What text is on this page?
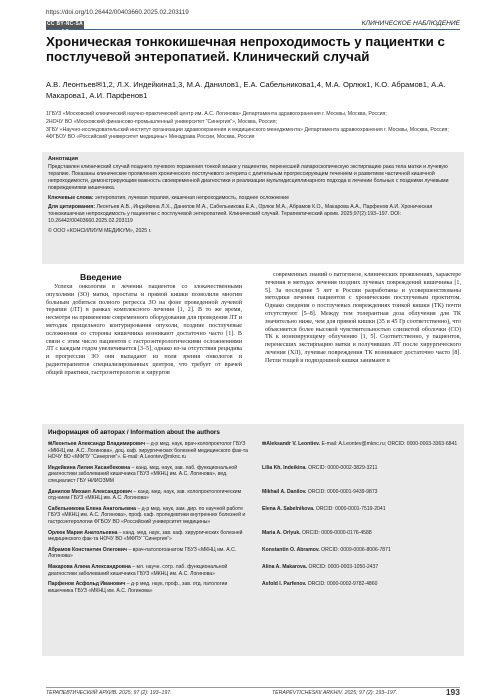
https://doi.org/10.26442/00403660.2025.02.203119
CC BY-NC-SA 4.0
КЛИНИЧЕСКОЕ НАБЛЮДЕНИЕ
Хроническая тонкокишечная непроходимость у пациентки с постлучевой энтеропатией. Клинический случай
А.В. Леонтьев✉1,2, Л.Х. Индейкина1,3, М.А. Данилов1, Е.А. Сабельникова1,4, М.А. Орлюк1, К.О. Абрамов1, А.А. Макарова1, А.И. Парфенов1
1ГБУЗ «Московский клинический научно-практический центр им. А.С. Логинова» Департамента здравоохранения г. Москвы, Москва, Россия;
2НОЧУ ВО «Московский финансово-промышленный университет “Синергия”», Москва, Россия;
3ГБУ «Научно-исследовательский институт организации здравоохранения и медицинского менеджмента» Департамента здравоохранения г. Москвы, Москва, Россия;
4ФГБОУ ВО «Российский университет медицины» Минздрава России, Москва, Россия
Аннотация

Представлен клинический случай позднего лучевого поражения тонкой кишки у пациентки, перенесшей лапароскопическую экстирпацию рака тела матки и лучевую терапию. Показаны клинические проявления хронического постлучевого энтерита с длительным прогрессирующим течением и развитием частичной кишечной непроходимости, демонстрирующим важность своевременной диагностики и реализации мультидисциплинарного подхода в лечении больных с поздними лучевыми повреждениями кишечника.

Ключевые слова: энтеропатия, лучевая терапия, кишечная непроходимость, позднее осложнение

Для цитирования: Леонтьев А.В., Индейкина Л.Х., Данилов М.А., Сабельникова Е.А., Орлюк М.А., Абрамов К.О., Макарова А.А., Парфенов А.И. Хроническая тонкокишечная непроходимость у пациентки с постлучевой энтеропатией. Клинический случай. Терапевтический архив. 2025;97(2):193–197. DOI: 10.26442/00403660.2025.02.203119

© ООО «КОНСИЛИУМ МЕДИКУМ», 2025 г.

Введение

Успехи онкологии в лечении пациентов со злокачественными опухолями (ЗО) матки, простаты и прямой кишки позволили многим больным добиться полного регресса ЗО на фоне проведенной лучевой терапии (ЛТ) в рамках комплексного лечения [1, 2]. В то же время, несмотря на применение современного оборудования для проведения ЛТ и методик прицельного контурирования опухоли, поздние постлучевые осложнения со стороны кишечника возникают достаточно часто [1]. В связи с этим число пациентов с гастроэнтерологическими осложнениями ЛТ с каждым годом увеличивается [3–5], однако из-за отсутствия рецидива и прогрессии ЗО они выпадают из поля зрения онкологов и радиотерапевтов специализированных центров, что требует от врачей общей практики, гастроэнтерологов и хирургов

современных знаний о патогенезе, клинических проявлениях, характере течения и методах лечения поздних лучевых повреждений кишечника [1, 5]. За последние 5 лет в России разработаны и усовершенствованы методики лечения пациентов с хроническим постлучевым проктитом. Однако сведения о постлучевых повреждениях тонкой кишки (ТК) почти отсутствуют [5–8]. Между тем толерантная доза облучения для ТК значительно ниже, чем для прямой кишки (35 и 45 Гр соответственно), что объясняется более высокой чувствительностью слизистой оболочки (СО) ТК к ионизирующему облучению [1, 5]. Соответственно, у пациентов, перенесших экстирпацию матки и получивших ЛТ после хирургического лечения (ХЛ), лучевые повреждения ТК возникают достаточно часто [8]. Петли тощей и подвздошной кишки занимают в

Информация об авторах / Information about the authors
✉Леонтьев Александр Владимирович – д-р мед. наук, врач-колопроктолог ГБУЗ «МКНЦ им. А.С. Логинова», доц. каф. хирургических болезней медицинского фак-та НОЧУ ВО «МФПУ “Синергия”». E-mail: A.Leontev@mknc.ru
✉Aleksandr V. Leontiev. E-mail: A.Leontev@mknc.ru; ORCID: 0000-0003-3363-6841
Индейкина Лилия Хасанбековна – канд. мед. наук, зав. лаб. функциональной диагностики заболеваний кишечника ГБУЗ «МКНЦ им. А.С. Логинова», вед. специалист ГБУ НИИОЗММ
Lilia Kh. Indeikina. ORCID: 0000-0002-3829-3211
Данилов Михаил Александрович – канд. мед. наук, зав. колопроктологическим отд-нием ГБУЗ «МКНЦ им. А.С. Логинова»
Mikhail A. Danilov. ORCID: 0000-0001-9439-9873
Сабельникова Елена Анатольевна – д-р мед. наук, зам. дир. по научной работе ГБУЗ «МКНЦ им. А.С. Логинова», проф. каф. пропедевтики внутренних болезней и гастроэнтерологии ФГБОУ ВО «Российский университет медицины»
Elena A. Sabelnikova. ORCID: 0000-0001-7519-2041
Орлюк Мария Анатольевна – канд. мед. наук, зав. каф. хирургических болезней медицинского фак-та НОЧУ ВО «МФПУ “Синергия”»
Maria A. Orlyuk. ORCID: 0009-0000-0176-4588
Абрамов Константин Олегович – врач-патологоанатом ГБУЗ «МКНЦ им. А.С. Логинова»
Konstantin O. Abramov. ORCID: 0009-0006-8006-7871
Макарова Алина Александровна – мл. научн. сотр. лаб. функциональной диагностики заболеваний кишечника ГБУЗ «МКНЦ им. А.С. Логинова»
Alina A. Makarova. ORCID: 0000-0003-1050-2437
Парфенов Асфольд Иванович – д-р мед. наук, проф., зав. отд. патологии кишечника ГБУЗ «МКНЦ им. А.С. Логинова»
Asfold I. Parfenov. ORCID: 0000-0002-9782-4860
ТЕРАПЕВТИЧЕСКИЙ АРХИВ. 2025; 97 (2): 193–197.	TERAPEVTICHESKII ARKHIV. 2025; 97 (2): 193–197.	193
